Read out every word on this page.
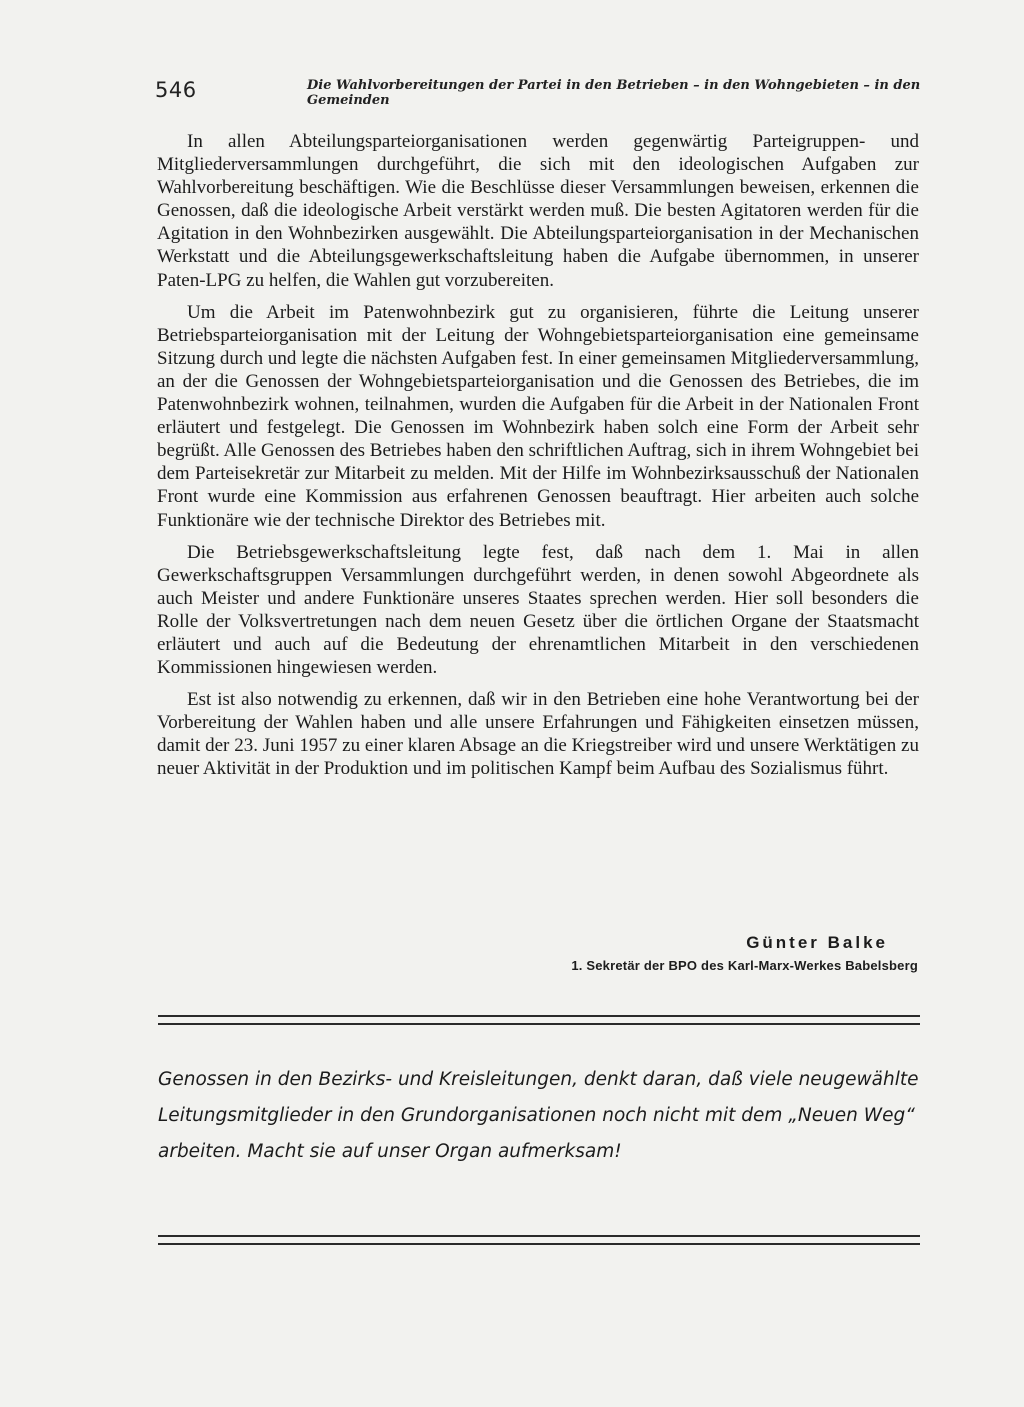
546	Die Wahlvorbereitungen der Partei in den Betrieben – in den Wohngebieten – in den Gemeinden

In allen Abteilungsparteiorganisationen werden gegenwärtig Parteigruppen- und Mitgliederversammlungen durchgeführt, die sich mit den ideologischen Aufgaben zur Wahlvorbereitung beschäftigen. Wie die Beschlüsse dieser Versammlungen beweisen, erkennen die Genossen, daß die ideologische Arbeit verstärkt werden muß. Die besten Agitatoren werden für die Agitation in den Wohnbezirken ausgewählt. Die Abteilungsparteiorganisation in der Mechanischen Werkstatt und die Abteilungsgewerkschaftsleitung haben die Aufgabe übernommen, in unserer Paten-LPG zu helfen, die Wahlen gut vorzubereiten.

Um die Arbeit im Patenwohnbezirk gut zu organisieren, führte die Leitung unserer Betriebsparteiorganisation mit der Leitung der Wohngebietsparteiorganisation eine gemeinsame Sitzung durch und legte die nächsten Aufgaben fest. In einer gemeinsamen Mitgliederversammlung, an der die Genossen der Wohngebietsparteiorganisation und die Genossen des Betriebes, die im Patenwohnbezirk wohnen, teilnahmen, wurden die Aufgaben für die Arbeit in der Nationalen Front erläutert und festgelegt. Die Genossen im Wohnbezirk haben solch eine Form der Arbeit sehr begrüßt. Alle Genossen des Betriebes haben den schriftlichen Auftrag, sich in ihrem Wohngebiet bei dem Parteisekretär zur Mitarbeit zu melden. Mit der Hilfe im Wohnbezirksausschuß der Nationalen Front wurde eine Kommission aus erfahrenen Genossen beauftragt. Hier arbeiten auch solche Funktionäre wie der technische Direktor des Betriebes mit.

Die Betriebsgewerkschaftsleitung legte fest, daß nach dem 1. Mai in allen Gewerkschaftsgruppen Versammlungen durchgeführt werden, in denen sowohl Abgeordnete als auch Meister und andere Funktionäre unseres Staates sprechen werden. Hier soll besonders die Rolle der Volksvertretungen nach dem neuen Gesetz über die örtlichen Organe der Staatsmacht erläutert und auch auf die Bedeutung der ehrenamtlichen Mitarbeit in den verschiedenen Kommissionen hingewiesen werden.

Est ist also notwendig zu erkennen, daß wir in den Betrieben eine hohe Verantwortung bei der Vorbereitung der Wahlen haben und alle unsere Erfahrungen und Fähigkeiten einsetzen müssen, damit der 23. Juni 1957 zu einer klaren Absage an die Kriegstreiber wird und unsere Werktätigen zu neuer Aktivität in der Produktion und im politischen Kampf beim Aufbau des Sozialismus führt.

Günter Balke
1. Sekretär der BPO des Karl-Marx-Werkes Babelsberg
Genossen in den Bezirks- und Kreisleitungen, denkt daran, daß viele neugewählte
Leitungsmitglieder in den Grundorganisationen noch nicht mit dem „Neuen Weg“
arbeiten. Macht sie auf unser Organ aufmerksam!
